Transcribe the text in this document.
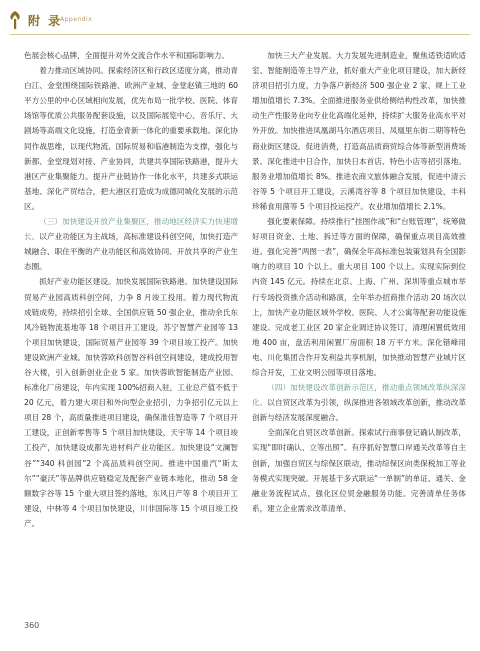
附 录
Appendix

色展会核心品牌，全面提升对外交流合作水平和国际影响力。

着力推动区域协同。探索经济区和行政区适度分离，推动青白江、金堂围绕国际铁路港、欧洲产业城、金堂赵镇三地的 60 平方公里的中心区域相向发展，优先布局一批学校、医院、体育场馆等优质公共服务配套设施，以及国际展览中心、音乐厅、大剧场等高端文化设施，打造金青新一体化的重要承载地。深化协同作战思维，以现代物流、国际贸易和临港制造为支撑，强化与新都、金堂现划对接、产业协同，共建共享国际铁路港，提升大港区产业集聚能力。提升产业链协作一体化水平，共建多式联运基地、深化产贸结合，把大港区打造成为成德同城化发展的示范区。

（三）加快建设开放产业集聚区，推动地区经济实力快速增长。以产业功能区为主战场，高标准建设科创空间，加快打造产城融合、职住平衡的产业功能区和高效协同、开放共享的产业生态圈。

抓好产业功能区建设。加快发展国际铁路港。加快建设国际贸易产业园高质科创空间，力争 8 月竣工投用。着力现代物流成链成势，持续招引全球、全国供应链 50 强企业，推动余氏东风冷链物流基地等 18 个项目开工建设，苏宁智慧产业园等 13 个项目加快建设，国际贸易产业园等 39 个项目竣工投产。加快建设欧洲产业城。加快蓉欧科创智谷科创空间建设，建成投用智谷大楼，引入创新创业企业 5 家。加快蓉欧智能制造产业园、标准化厂房建设，年内实现 100%招商入驻，工业总产值不低于 20 亿元，着力建大项目和外向型企业招引，力争招引亿元以上项目 28 个，高质量推进项目建设，确保准佳智造等 7 个项目开工建设，正创新零售等 5 个项目加快建设，天宇等 14 个项目竣工投产，加快建设成都先进材料产业功能区。加快建设“文澜智谷”“340 科创园”2 个高品质科创空间。推进中国重汽“斯太尔”“豪沃”等品牌供应链稳定及配套产业链本地化，推动 58 金额数字谷等 15 个重大项目签约落地，东风日产等 8 个项目开工建设，中林等 4 个项目加快建设，川非国际等 15 个项目竣工投产。

加快三大产业发展。大力发展先进制造业，聚焦适铁适欧适室、智能制造等主导产业，抓好重大产业化项目建设，加大新经济项目招引力度，力争落户新经济 500 强企业 2 家、规上工业增加值增长 7.3%。全面推进服务业供给侧结构性改革，加快推动生产性服务业向专业化高端化延伸，持续扩大服务业高水平对外开放。加快推进凤凰湖马尔酒店项目、凤凰里东街二期等特色商业街区建设，促进消费，打造高品质商贸综合体等新型消费场景。深化推进中日合作，加快日本首店、特色小店等招引落地。服务业增加值增长 8%。推进农商文旅体融合发展，促进中清云谷等 5 个项目开工建设，云溪湾谷等 8 个项目加快建设，丰科珍稀食用菌等 5 个项目投运投产。农业增加值增长 2.1%。

强化要素保障。持续推行“挂图作战”和“台账管理”，统筹做好项目资金、土地、拆迁等方面的保障，确保重点项目高效推进。强化完善“两图一表”，确保全年高标准包装策划具有全国影响力的项目 10 个以上、重大项目 100 个以上。实现实际到位内资 145 亿元。持续在北京、上海、广州、深圳等重点城市举行专场投资推介活动和路演，全年举办招商推介活动 20 场次以上，加快产业功能区域外学校、医院、人才公寓等配套功能设施建设。完成老工业区 20 家企业调迁协议签订，清理闲置低效用地 400 亩，盘活利用闲置厂房面积 18 万平方米。深化错峰用电、川化集团合作开发利益共享机制，加快推动智慧产业城片区综合开发，工业文明公园等项目落地。

（四）加快建设改革创新示范区，推动重点领域改革纵深深化。以自贸区改革为引领，纵深推进各领域改革创新，推动改革创新与经济发展深度融合。

全面深化自贸区改革创新。探索试行商事登记确认制改革，实现“即时确认、立等出照”。有序抓好智慧口岸通关改革等自主创新，加强自贸区与综保区联动，推动综保区向类保税加工等业务模式实现突破。开展基于多式联运“一单制”的单证、通关、金融业务流程试点，强化区位贸金融服务功能。完善清单任务体系，建立企业需求改革清单、

360
